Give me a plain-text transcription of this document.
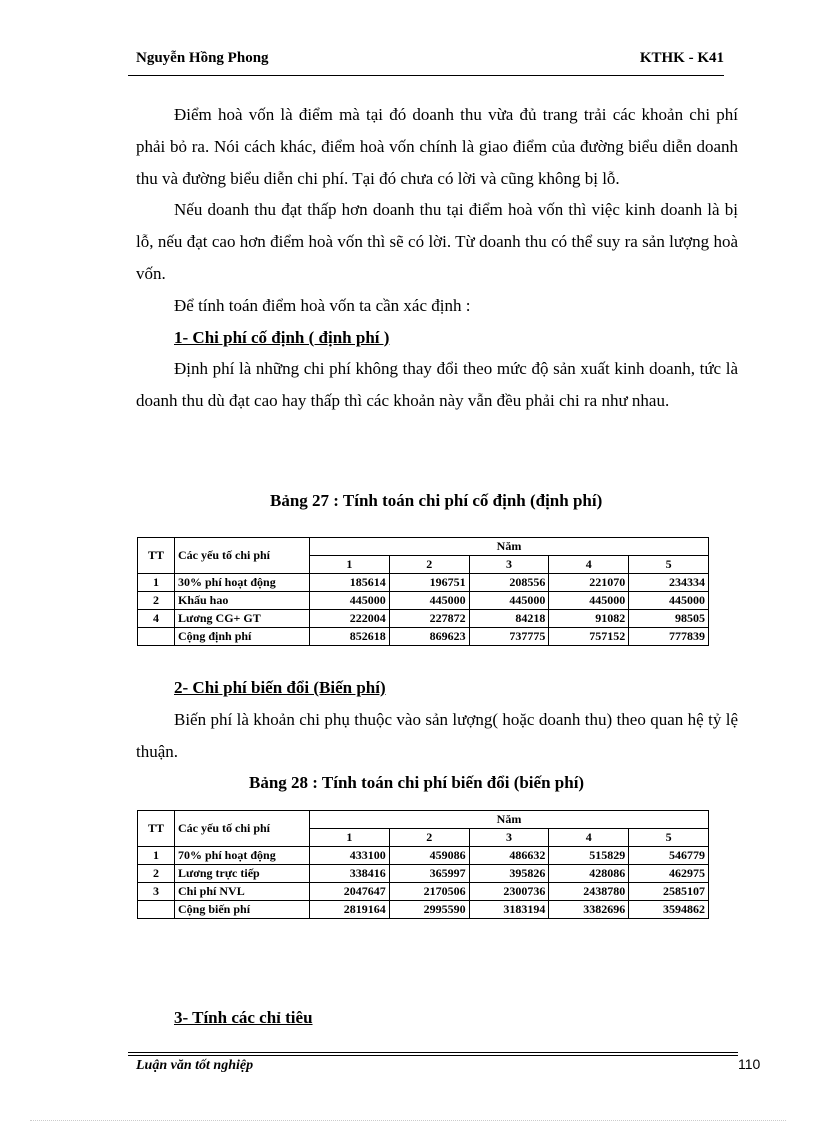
Nguyễn Hồng Phong	KTHK - K41

Điểm hoà vốn là điểm mà tại đó doanh thu vừa đủ trang trải các khoản chi phí phải bỏ ra. Nói cách khác, điểm hoà vốn chính là giao điểm của đường biểu diễn doanh thu và đường biểu diễn chi phí. Tại đó chưa có lời và cũng không bị lỗ.

Nếu doanh thu đạt thấp hơn doanh thu tại điểm hoà vốn thì việc kinh doanh là bị lỗ, nếu đạt cao hơn điểm hoà vốn thì sẽ có lời. Từ doanh thu có thể suy ra sản lượng hoà vốn.

Để tính toán điểm hoà vốn ta cần xác định :

1- Chi phí cố định ( định phí )

Định phí là những chi phí không thay đổi theo mức độ sản xuất kinh doanh, tức là doanh thu dù đạt cao hay thấp thì các khoản này vẫn đều phải chi ra như nhau.

Bảng 27 : Tính toán chi phí cố định (định phí)
TT	Các yếu tố chi phí	Năm				
		1	2	3	4	5
1	30% phí hoạt động	185614	196751	208556	221070	234334
2	Khấu hao	445000	445000	445000	445000	445000
4	Lương CG+ GT	222004	227872	84218	91082	98505
	Cộng định phí	852618	869623	737775	757152	777839

2- Chi phí biến đổi (Biến phí)

Biến phí là khoản chi phụ thuộc vào sản lượng( hoặc doanh thu) theo quan hệ tỷ lệ thuận.

Bảng 28 : Tính toán chi phí biến đổi (biến phí)
TT	Các yếu tố chi phí	Năm				
		1	2	3	4	5
1	70% phí hoạt động	433100	459086	486632	515829	546779
2	Lương trực tiếp	338416	365997	395826	428086	462975
3	Chi phí NVL	2047647	2170506	2300736	2438780	2585107
	Cộng biến phí	2819164	2995590	3183194	3382696	3594862

3- Tính các chỉ tiêu

Luận văn tốt nghiệp	110
